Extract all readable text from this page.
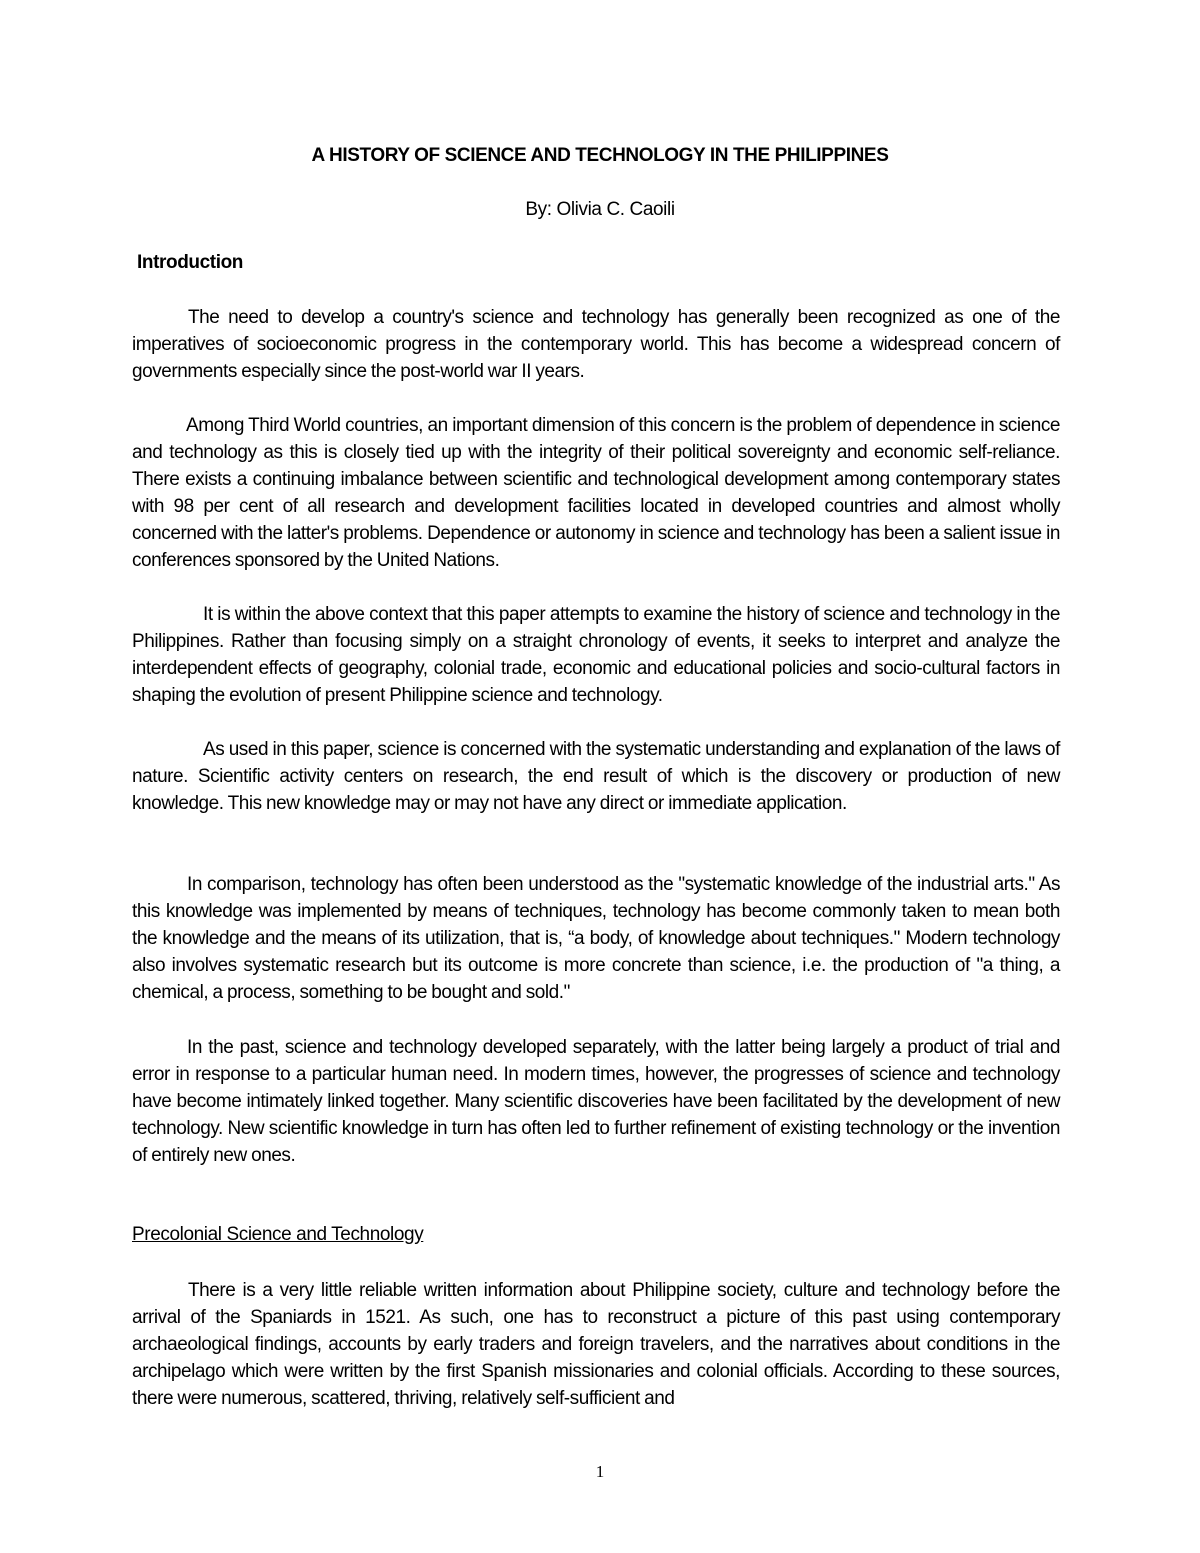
A HISTORY OF SCIENCE AND TECHNOLOGY IN THE PHILIPPINES
By: Olivia C. Caoili
Introduction

The need to develop a country's science and technology has generally been recognized as one of the imperatives of socioeconomic progress in the contemporary world. This has become a widespread concern of governments especially since the post-world war II years.

Among Third World countries, an important dimension of this concern is the problem of dependence in science and technology as this is closely tied up with the integrity of their political sovereignty and economic self-reliance. There exists a continuing imbalance between scientific and technological development among contemporary states with 98 per cent of all research and development facilities located in developed countries and almost wholly concerned with the latter's problems. Dependence or autonomy in science and technology has been a salient issue in conferences sponsored by the United Nations.

It is within the above context that this paper attempts to examine the history of science and technology in the Philippines. Rather than focusing simply on a straight chronology of events, it seeks to interpret and analyze the interdependent effects of geography, colonial trade, economic and educational policies and socio-cultural factors in shaping the evolution of present Philippine science and technology.

As used in this paper, science is concerned with the systematic understanding and explanation of the laws of nature. Scientific activity centers on research, the end result of which is the discovery or production of new knowledge. This new knowledge may or may not have any direct or immediate application.

In comparison, technology has often been understood as the "systematic knowledge of the industrial arts." As this knowledge was implemented by means of techniques, technology has become commonly taken to mean both the knowledge and the means of its utilization, that is, “a body, of knowledge about techniques." Modern technology also involves systematic research but its outcome is more concrete than science, i.e. the production of "a thing, a chemical, a process, something to be bought and sold."

In the past, science and technology developed separately, with the latter being largely a product of trial and error in response to a particular human need. In modern times, however, the progresses of science and technology have become intimately linked together. Many scientific discoveries have been facilitated by the development of new technology. New scientific knowledge in turn has often led to further refinement of existing technology or the invention of entirely new ones.

Precolonial Science and Technology

There is a very little reliable written information about Philippine society, culture and technology before the arrival of the Spaniards in 1521. As such, one has to reconstruct a picture of this past using contemporary archaeological findings, accounts by early traders and foreign travelers, and the narratives about conditions in the archipelago which were written by the first Spanish missionaries and colonial officials. According to these sources, there were numerous, scattered, thriving, relatively self-sufficient and

1
